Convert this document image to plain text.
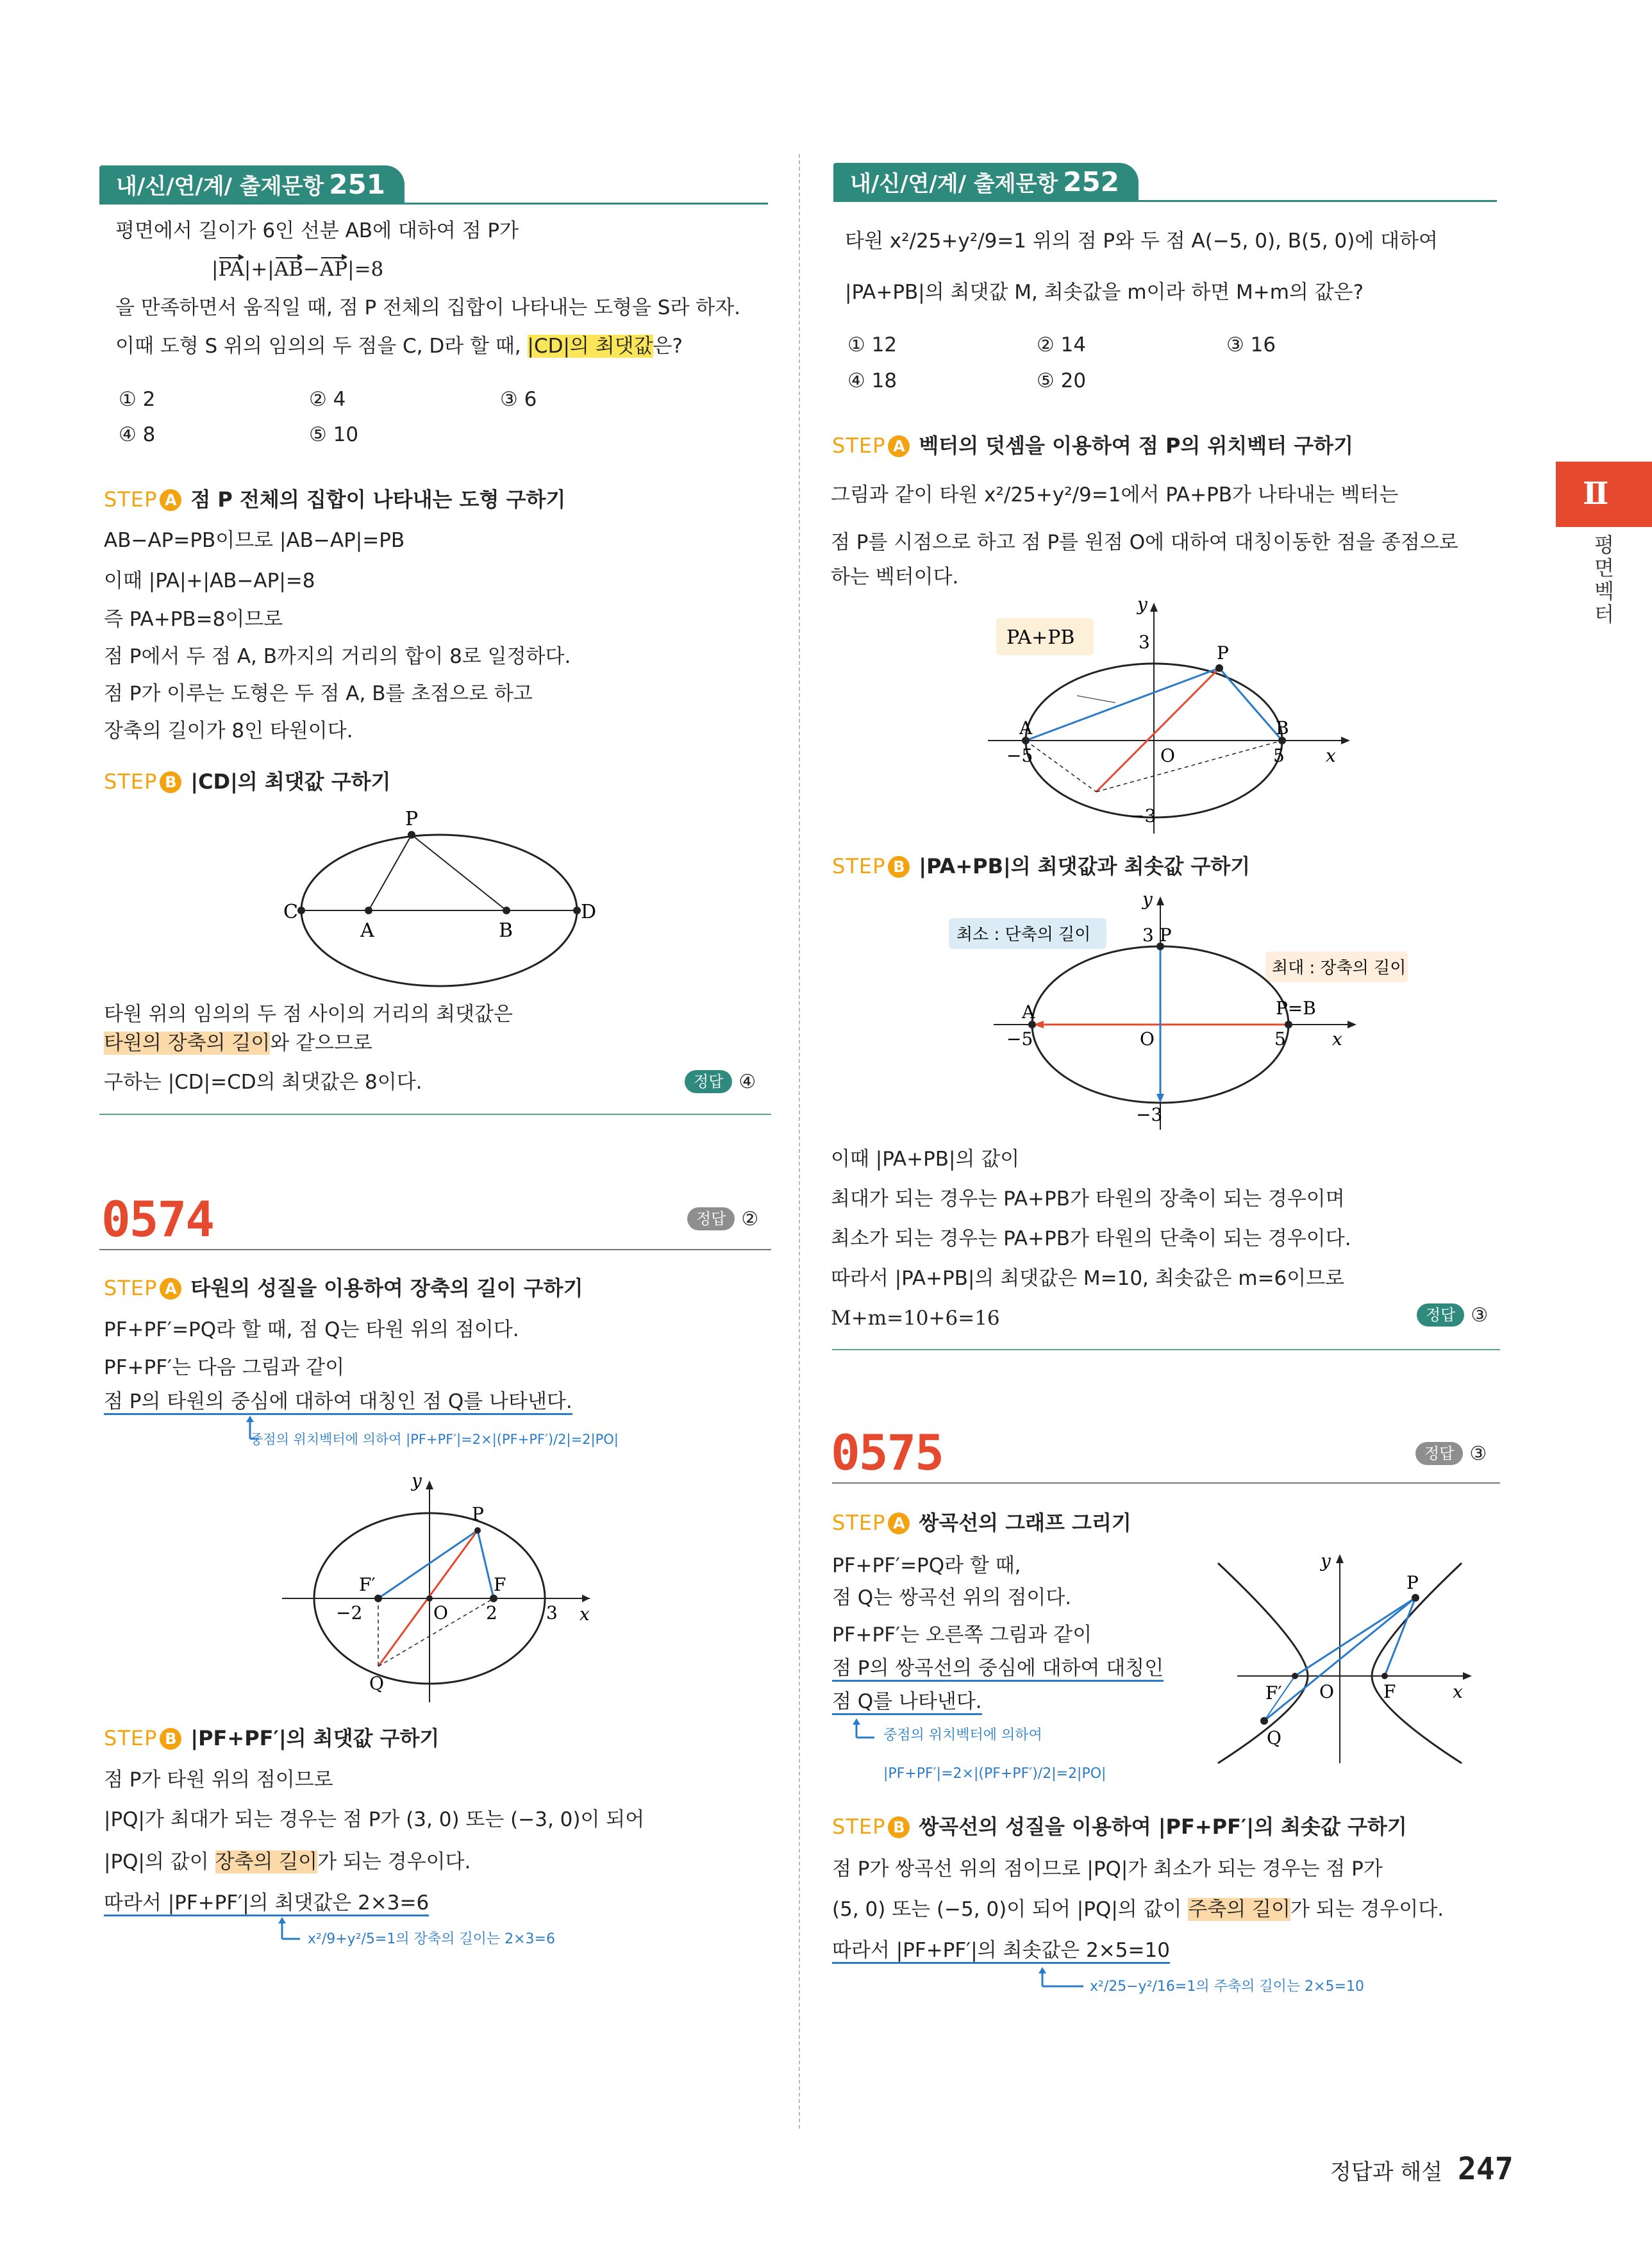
내/신/연/계/ 출제문항 251
평면에서 길이가 6인 선분 AB에 대하여 점 P가
|PA|+|AB−AP|=8
을 만족하면서 움직일 때, 점 P 전체의 집합이 나타내는 도형을 S라 하자.
이때 도형 S 위의 임의의 두 점을 C, D라 할 때, |CD|의 최댓값은?
① 2	② 4	③ 6
④ 8	⑤ 10
STEP A 점 P 전체의 집합이 나타내는 도형 구하기
AB−AP=PB이므로 |AB−AP|=PB
이때 |PA|+|AB−AP|=8
즉 PA+PB=8이므로
점 P에서 두 점 A, B까지의 거리의 합이 8로 일정하다.
점 P가 이루는 도형은 두 점 A, B를 초점으로 하고
장축의 길이가 8인 타원이다.
STEP B |CD|의 최댓값 구하기
P
C
A	B
D
타원 위의 임의의 두 점 사이의 거리의 최댓값은
타원의 장축의 길이와 같으므로
구하는 |CD|=CD의 최댓값은 8이다.	정답 ④
0574	정답 ②
STEP A 타원의 성질을 이용하여 장축의 길이 구하기
PF+PF′=PQ라 할 때, 점 Q는 타원 위의 점이다.
PF+PF′는 다음 그림과 같이
점 P의 타원의 중심에 대하여 대칭인 점 Q를 나타낸다.
중점의 위치벡터에 의하여 |PF+PF′|=2×|(PF+PF′)/2|=2|PO|
y
x
P
F′	F
O
Q
−2	2	3
STEP B |PF+PF′|의 최댓값 구하기
점 P가 타원 위의 점이므로
|PQ|가 최대가 되는 경우는 점 P가 (3, 0) 또는 (−3, 0)이 되어
|PQ|의 값이 장축의 길이가 되는 경우이다.
따라서 |PF+PF′|의 최댓값은 2×3=6
x²/9+y²/5=1의 장축의 길이는 2×3=6
내/신/연/계/ 출제문항 252
타원 x²/25+y²/9=1 위의 점 P와 두 점 A(−5, 0), B(5, 0)에 대하여
|PA+PB|의 최댓값 M, 최솟값을 m이라 하면 M+m의 값은?
① 12	② 14	③ 16
④ 18	⑤ 20
STEP A 벡터의 덧셈을 이용하여 점 P의 위치벡터 구하기
그림과 같이 타원 x²/25+y²/9=1에서 PA+PB가 나타내는 벡터는
점 P를 시점으로 하고 점 P를 원점 O에 대하여 대칭이동한 점을 종점으로
하는 벡터이다.
PA+PB
y
x
3
−3
−5	5
A	B
O
P
STEP B |PA+PB|의 최댓값과 최솟값 구하기
최소 : 단축의 길이
최대 : 장축의 길이
y
x
3 P
−3
−5	5
A	P=B
O
이때 |PA+PB|의 값이
최대가 되는 경우는 PA+PB가 타원의 장축이 되는 경우이며
최소가 되는 경우는 PA+PB가 타원의 단축이 되는 경우이다.
따라서 |PA+PB|의 최댓값은 M=10, 최솟값은 m=6이므로
M+m=10+6=16	정답 ③
0575	정답 ③
STEP A 쌍곡선의 그래프 그리기
PF+PF′=PQ라 할 때,
점 Q는 쌍곡선 위의 점이다.
PF+PF′는 오른쪽 그림과 같이
점 P의 쌍곡선의 중심에 대하여 대칭인
점 Q를 나타낸다.
중점의 위치벡터에 의하여
|PF+PF′|=2×|(PF+PF′)/2|=2|PO|
y
x
P
Q
F′	F
O
STEP B 쌍곡선의 성질을 이용하여 |PF+PF′|의 최솟값 구하기
점 P가 쌍곡선 위의 점이므로 |PQ|가 최소가 되는 경우는 점 P가
(5, 0) 또는 (−5, 0)이 되어 |PQ|의 값이 주축의 길이가 되는 경우이다.
따라서 |PF+PF′|의 최솟값은 2×5=10
x²/25−y²/16=1의 주축의 길이는 2×5=10
Ⅱ
평면벡터
정답과 해설 247
